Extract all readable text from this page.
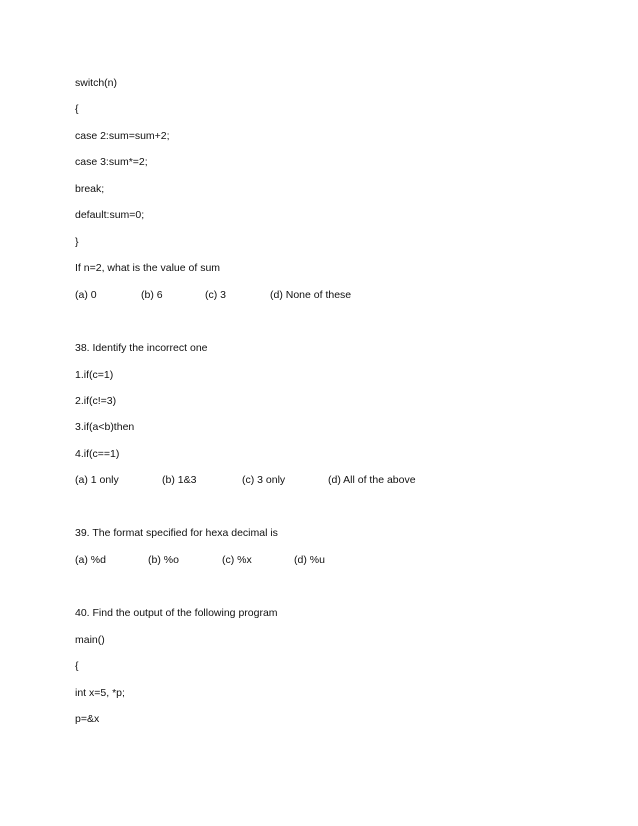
switch(n)
{
case 2:sum=sum+2;
case 3:sum*=2;
break;
default:sum=0;
}
If n=2, what is the value of sum
(a) 0	(b) 6	(c) 3	(d) None of these
38. Identify the incorrect one
1.if(c=1)
2.if(c!=3)
3.if(a<b)then
4.if(c==1)
(a) 1 only	(b) 1&3	(c) 3 only	(d) All of the above
39. The format specified for hexa decimal is
(a) %d	(b) %o	(c) %x	(d) %u
40. Find the output of the following program
main()
{
int x=5, *p;
p=&x
